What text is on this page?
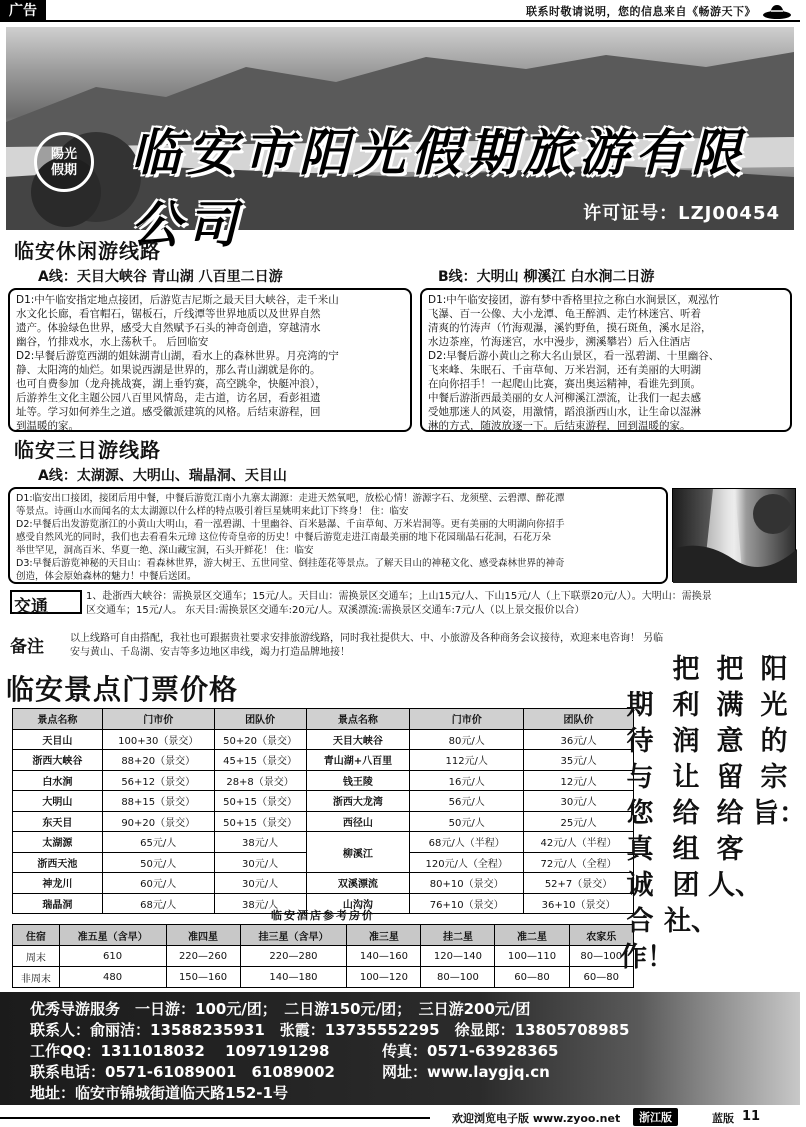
广告	联系时敬请说明，您的信息来自《畅游天下》
陽光
假期	临安市阳光假期旅游有限公司	许可证号：LZJ00454
临安休闲游线路
A线：天目大峡谷 青山湖 八百里二日游	B线：大明山 柳溪江 白水涧二日游

D1:中午临安指定地点接团，后游览吉尼斯之最天目大峡谷，走千米山

水文化长廊，看官帽石，锯板石，斤线潭等世界地质以及世界自然

遗产。体验绿色世界，感受大自然赋予石头的神奇创造，穿越清水

幽谷，竹排戏水，水上荡秋千。 后回临安

D2:早餐后游览西湖的姐妹湖青山湖，看水上的森林世界。月亮湾的宁

静、太阳湾的灿烂。如果说西湖是世界的，那么青山湖就是你的。

也可自费参加（龙舟挑战赛，湖上垂钓赛，高空跳伞，快艇冲浪），

后游养生文化主题公园八百里风情岛，走古道，访名居，看彭祖遗

址等。学习如何养生之道。感受徽派建筑的风格。后结束游程，回

到温暖的家。

D1:中午临安接团，游有梦中香格里拉之称白水涧景区，观泓竹

飞瀑、百一公像、大小龙潭、龟王醉洒、走竹林迷宫、听着

清爽的竹涛声（竹海观瀑，溪钓野鱼，摸石斑鱼，溪水足浴，

水边茶座，竹海迷宫，水中漫步，溯溪攀岩）后入住酒店

D2:早餐后游小黄山之称大名山景区，看一泓碧湖、十里幽谷、

飞来峰、朱眠石、千亩草甸、万米岩洞，还有美丽的大明湖

在向你招手！一起爬山比赛，赛出奥运精神，看谁先到顶。

中餐后游浙西最美丽的女人河柳溪江漂流，让我们一起去感

受她那迷人的风姿，用激情，蹈浪浙西山水，让生命以湿淋

淋的方式，随波放逐一下。后结束游程，回到温暖的家。

临安三日游线路
A线：太湖源、大明山、瑞晶洞、天目山

D1:临安出口接团，接团后用中餐，中餐后游览江南小九寨太湖源：走进天然氧吧，放松心情！游源字石、龙须壁、云碧潭、醉花潭

等景点。诗画山水而闻名的太太湖源以什么样的特点吸引着巨星姚明来此订下终身！ 住：临安

D2:早餐后出发游览浙江的小黄山大明山，看一泓碧湖、十里幽谷、百米悬瀑、千亩草甸、万米岩洞等。更有美丽的大明湖向你招手

感受自然风光的同时，我们也去看看朱元璋 这位传奇皇帝的历史！中餐后游览走进江南最美丽的地下花园瑞晶石花洞，石花万朵

举世罕见，洞高百米、华夏一绝、深山藏宝洞，石头开鲜花！ 住：临安

D3:早餐后游览神秘的天目山：看森林世界，游大树王、五世同堂、倒挂莲花等景点。了解天目山的神秘文化、感受森林世界的神奇

创造，体会原始森林的魅力！中餐后送团。

交通
1、赴浙西大峡谷：需换景区交通车；15元/人。天目山：需换景区交通车；上山15元/人、下山15元/人（上下联票20元/人）。大明山：需换景
区交通车；15元/人。 东天目:需换景区交通车:20元/人。双溪漂流:需换景区交通车:7元/人（以上景交报价以合）
备注	以上线路可自由搭配，我社也可跟据贵社要求安排旅游线路，同时我社提供大、中、小旅游及各种商务会议接待，欢迎来电咨询！ 另临
安与黄山、千岛湖、安吉等多边地区串线，竭力打造品牌地接！
临安景点门票价格
景点名称	门市价	团队价	景点名称	门市价	团队价
天目山	100+30（景交）	50+20（景交）	天目大峡谷	80元/人	36元/人
浙西大峡谷	88+20（景交）	45+15（景交）	青山湖+八百里	112元/人	35元/人
白水涧	56+12（景交）	28+8（景交）	钱王陵	16元/人	12元/人
大明山	88+15（景交）	50+15（景交）	浙西大龙湾	56元/人	30元/人
东天目	90+20（景交）	50+15（景交）	西径山	50元/人	25元/人
太湖源	65元/人	38元/人	柳溪江	68元/人（半程）	42元/人（半程）
浙西天池	50元/人	30元/人		120元/人（全程）	72元/人（全程）
神龙川	60元/人	30元/人	双溪漂流	80+10（景交）	52+7（景交）
瑞晶洞	68元/人	38元/人	山沟沟	76+10（景交）	36+10（景交）
临安酒店参考房价
住宿	准五星（含早）	准四星	挂三星（含早）	准三星	挂二星	准二星	农家乐
周末	610	220—260	220—280	140—160	120—140	100—110	80—100
非周末	480	150—160	140—180	100—120	80—100	60—80	60—80
阳光的宗旨：
把满意留给客人、
把利润让给组团社、
期待与您真诚合作！
优秀导游服务　一日游：100元/团；　二日游150元/团；　三日游200元/团
联系人：俞丽洁：13588235931　张霞：13735552295　徐显郎：13805708985
工作QQ：1311018032　 1097191298	传真：0571-63928365
联系电话：0571-61089001　61089002	网址：www.laygjq.cn
地址：临安市锦城街道临天路152-1号
欢迎浏览电子版 www.zyoo.net	浙江版	蓝版 11
